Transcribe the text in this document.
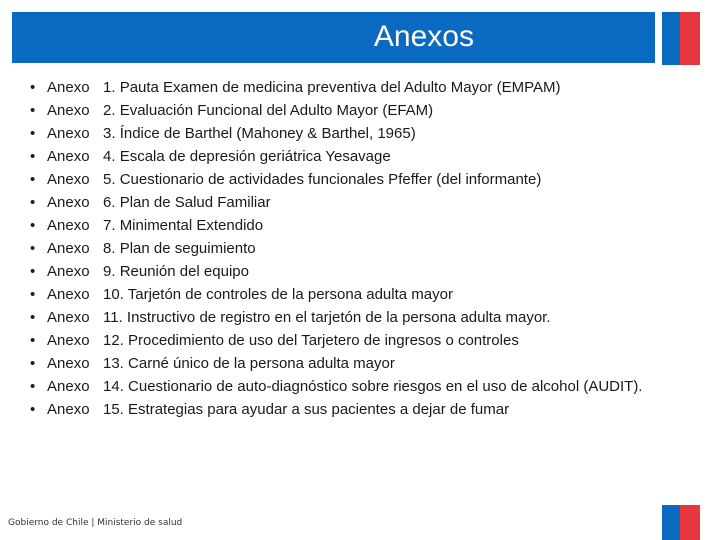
Anexos
• Anexo 1. Pauta Examen de medicina preventiva del Adulto Mayor (EMPAM)
• Anexo 2. Evaluación Funcional del Adulto Mayor (EFAM)
• Anexo 3. Índice de Barthel (Mahoney & Barthel, 1965)
• Anexo 4. Escala de depresión geriátrica Yesavage
• Anexo 5. Cuestionario de actividades funcionales Pfeffer (del informante)
• Anexo 6. Plan de Salud Familiar
• Anexo 7. Minimental Extendido
• Anexo 8. Plan de seguimiento
• Anexo 9. Reunión del equipo
• Anexo 10. Tarjetón de controles de la persona adulta mayor
• Anexo 11. Instructivo de registro en el tarjetón de la persona adulta mayor.
• Anexo 12. Procedimiento de uso del Tarjetero de ingresos o controles
• Anexo 13. Carné único de la persona adulta mayor
• Anexo 14. Cuestionario de auto-diagnóstico sobre riesgos en el uso de alcohol (AUDIT).
• Anexo 15. Estrategias para ayudar a sus pacientes a dejar de fumar
Gobierno de Chile | Ministerio de salud
